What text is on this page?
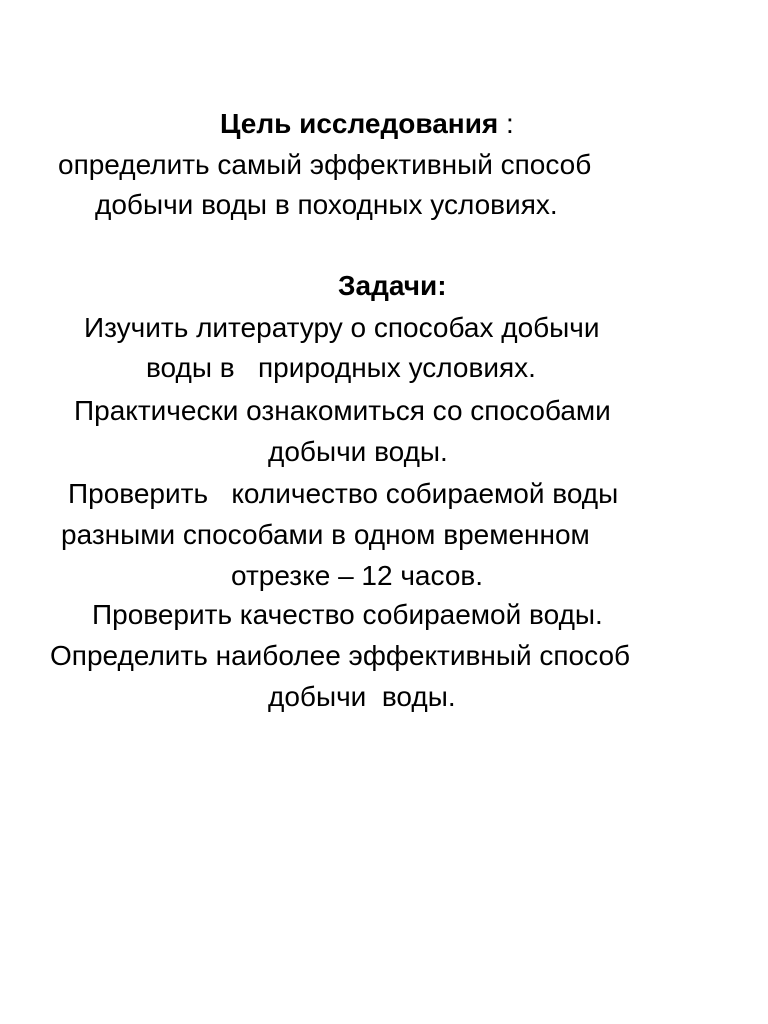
Цель исследования :
определить самый эффективный способ
добычи воды в походных условиях.
Задачи:
Изучить литературу о способах добычи
воды в   природных условиях.
Практически ознакомиться со способами
добычи воды.
Проверить   количество собираемой воды
разными способами в одном временном
отрезке – 12 часов.
Проверить качество собираемой воды.
Определить наиболее эффективный способ
добычи  воды.
